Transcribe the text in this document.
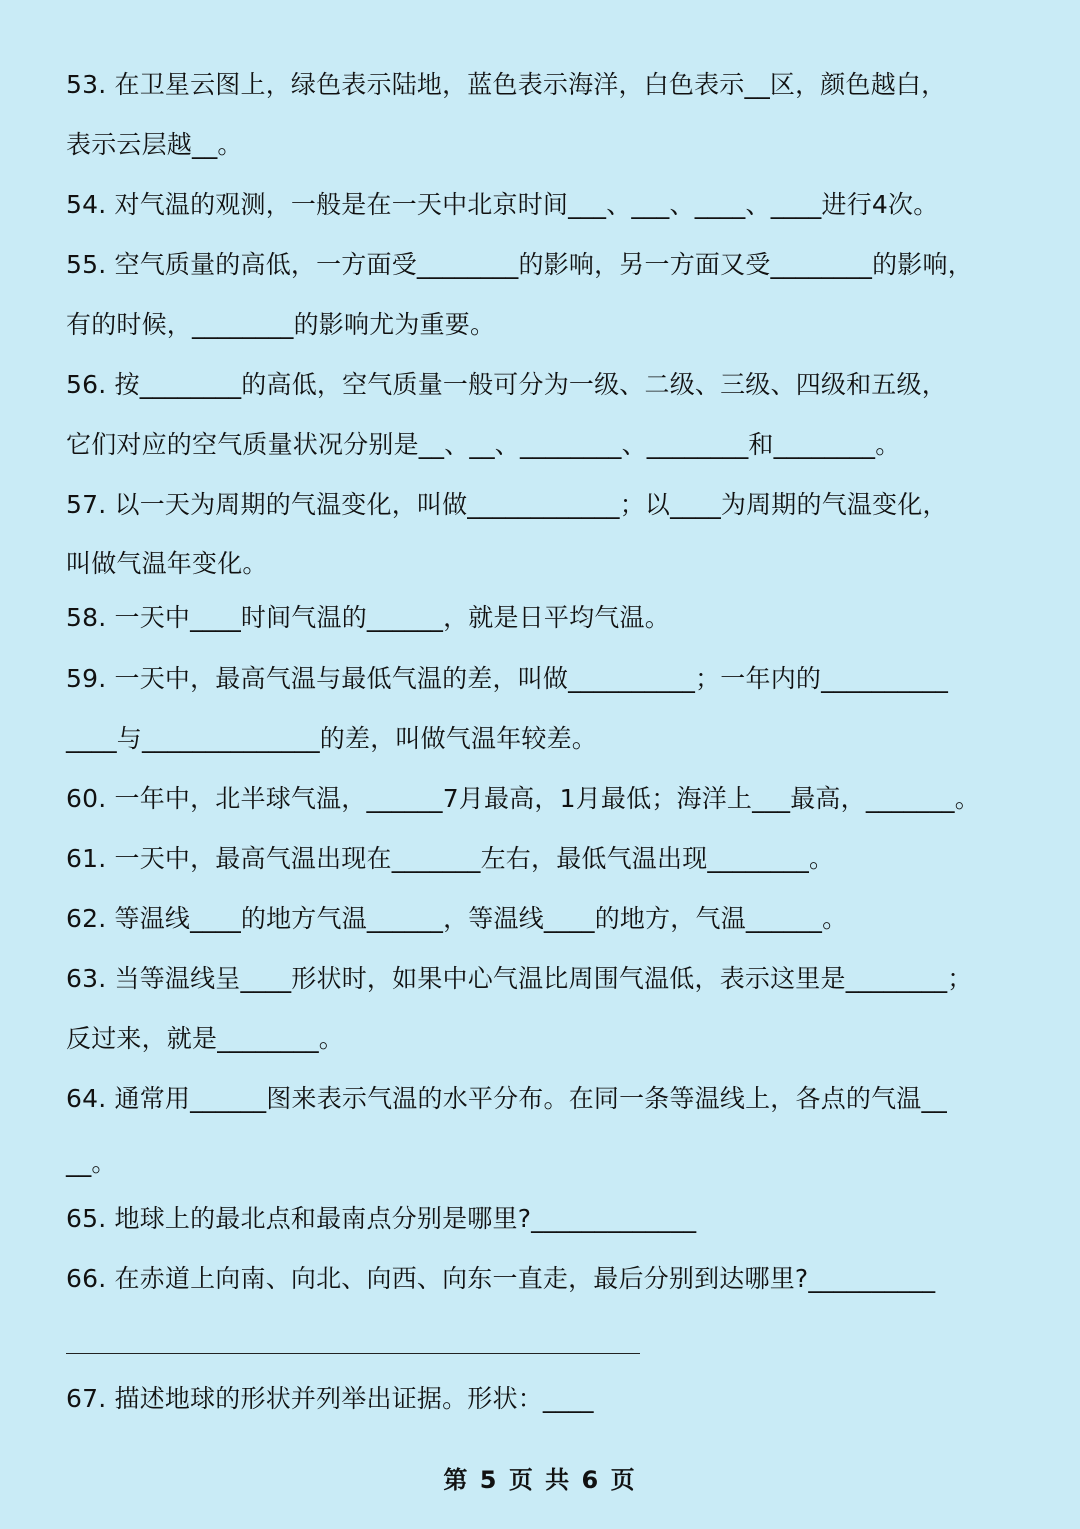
53. 在卫星云图上，绿色表示陆地，蓝色表示海洋，白色表示__区，颜色越白，
表示云层越__。
54. 对气温的观测，一般是在一天中北京时间___、___、____、____进行4次。
55. 空气质量的高低，一方面受________的影响，另一方面又受________的影响，
有的时候，________的影响尤为重要。
56. 按________的高低，空气质量一般可分为一级、二级、三级、四级和五级，
它们对应的空气质量状况分别是__、__、________、________和________。
57. 以一天为周期的气温变化，叫做____________；以____为周期的气温变化，
叫做气温年变化。
58. 一天中____时间气温的______，就是日平均气温。
59. 一天中，最高气温与最低气温的差，叫做__________；一年内的__________
____与______________的差，叫做气温年较差。
60. 一年中，北半球气温，______7月最高，1月最低；海洋上___最高，_______。
61. 一天中，最高气温出现在_______左右，最低气温出现________。
62. 等温线____的地方气温______，等温线____的地方，气温______。
63. 当等温线呈____形状时，如果中心气温比周围气温低，表示这里是________；
反过来，就是________。
64. 通常用______图来表示气温的水平分布。在同一条等温线上，各点的气温__
__。
65. 地球上的最北点和最南点分别是哪里?_____________
66. 在赤道上向南、向北、向西、向东一直走，最后分别到达哪里?__________
67. 描述地球的形状并列举出证据。形状：____
第 5 页 共 6 页
